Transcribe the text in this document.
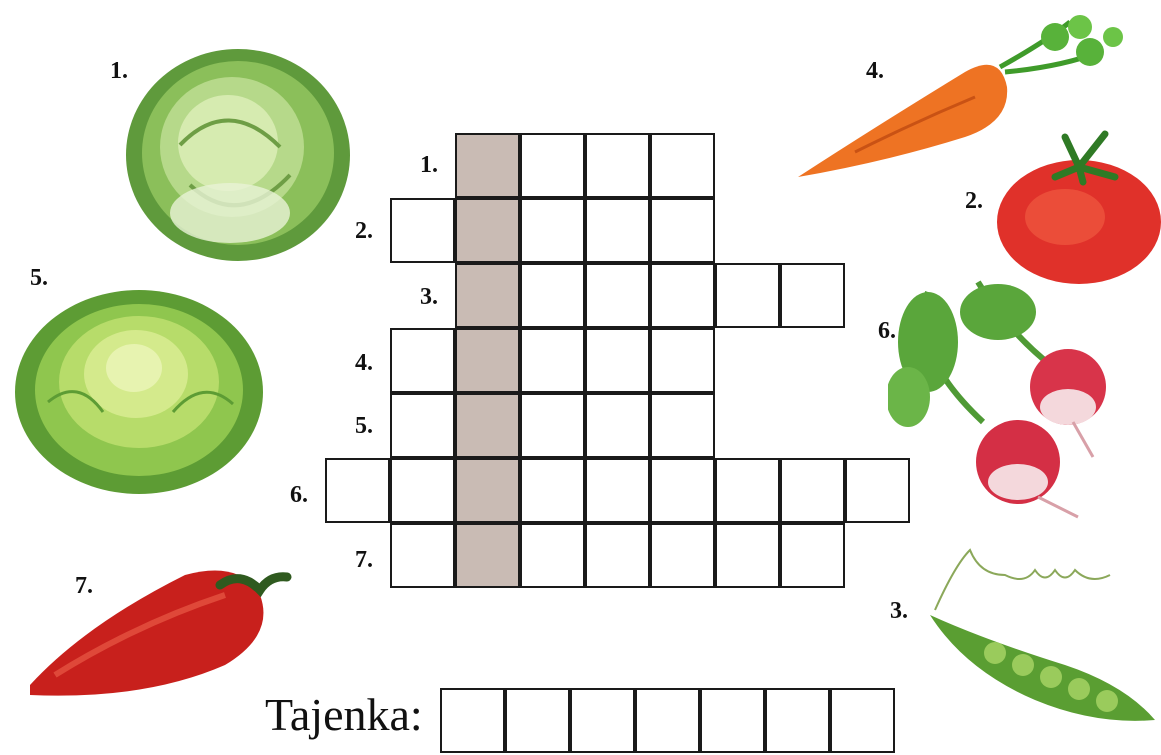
1.
5.
7.
4.
2.
6.
3.
1.
2.
3.
4.
5.
6.
7.
Tajenka:
